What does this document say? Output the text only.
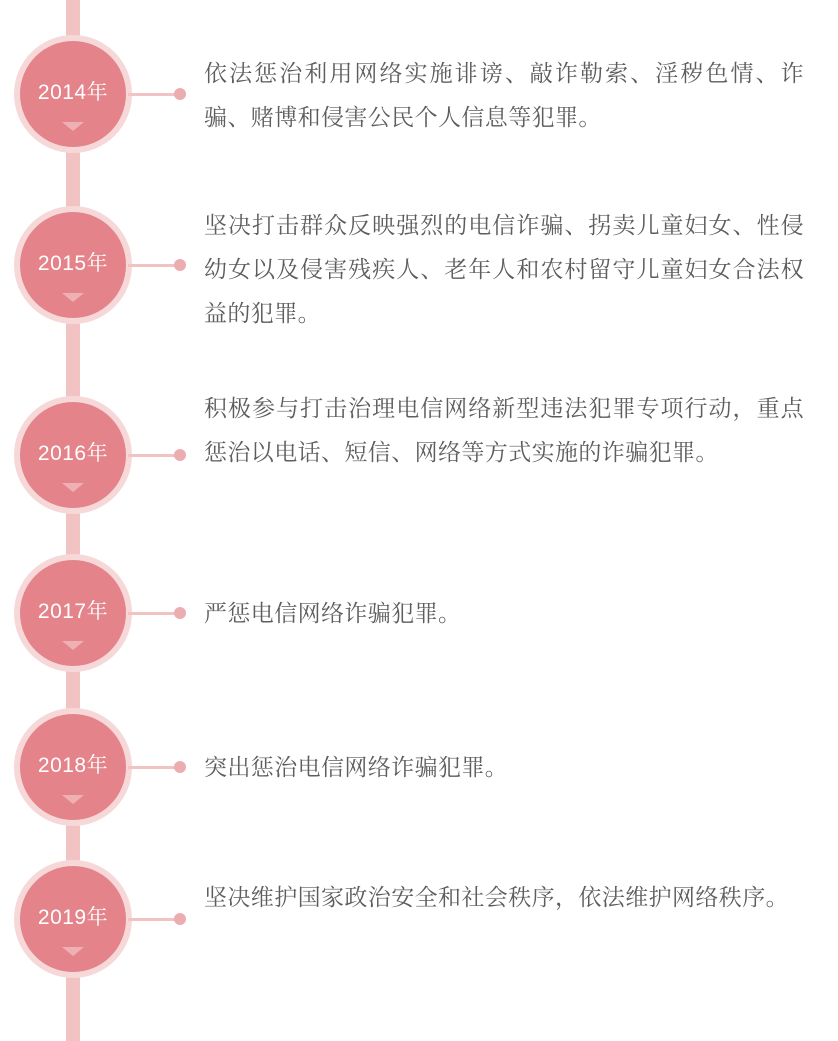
2014年
依法惩治利用网络实施诽谤、敲诈勒索、淫秽色情、诈骗、赌博和侵害公民个人信息等犯罪。
2015年
坚决打击群众反映强烈的电信诈骗、拐卖儿童妇女、性侵幼女以及侵害残疾人、老年人和农村留守儿童妇女合法权益的犯罪。
2016年
积极参与打击治理电信网络新型违法犯罪专项行动，重点惩治以电话、短信、网络等方式实施的诈骗犯罪。
2017年	严惩电信网络诈骗犯罪。
2018年	突出惩治电信网络诈骗犯罪。
2019年
坚决维护国家政治安全和社会秩序，依法维护网络秩序。
